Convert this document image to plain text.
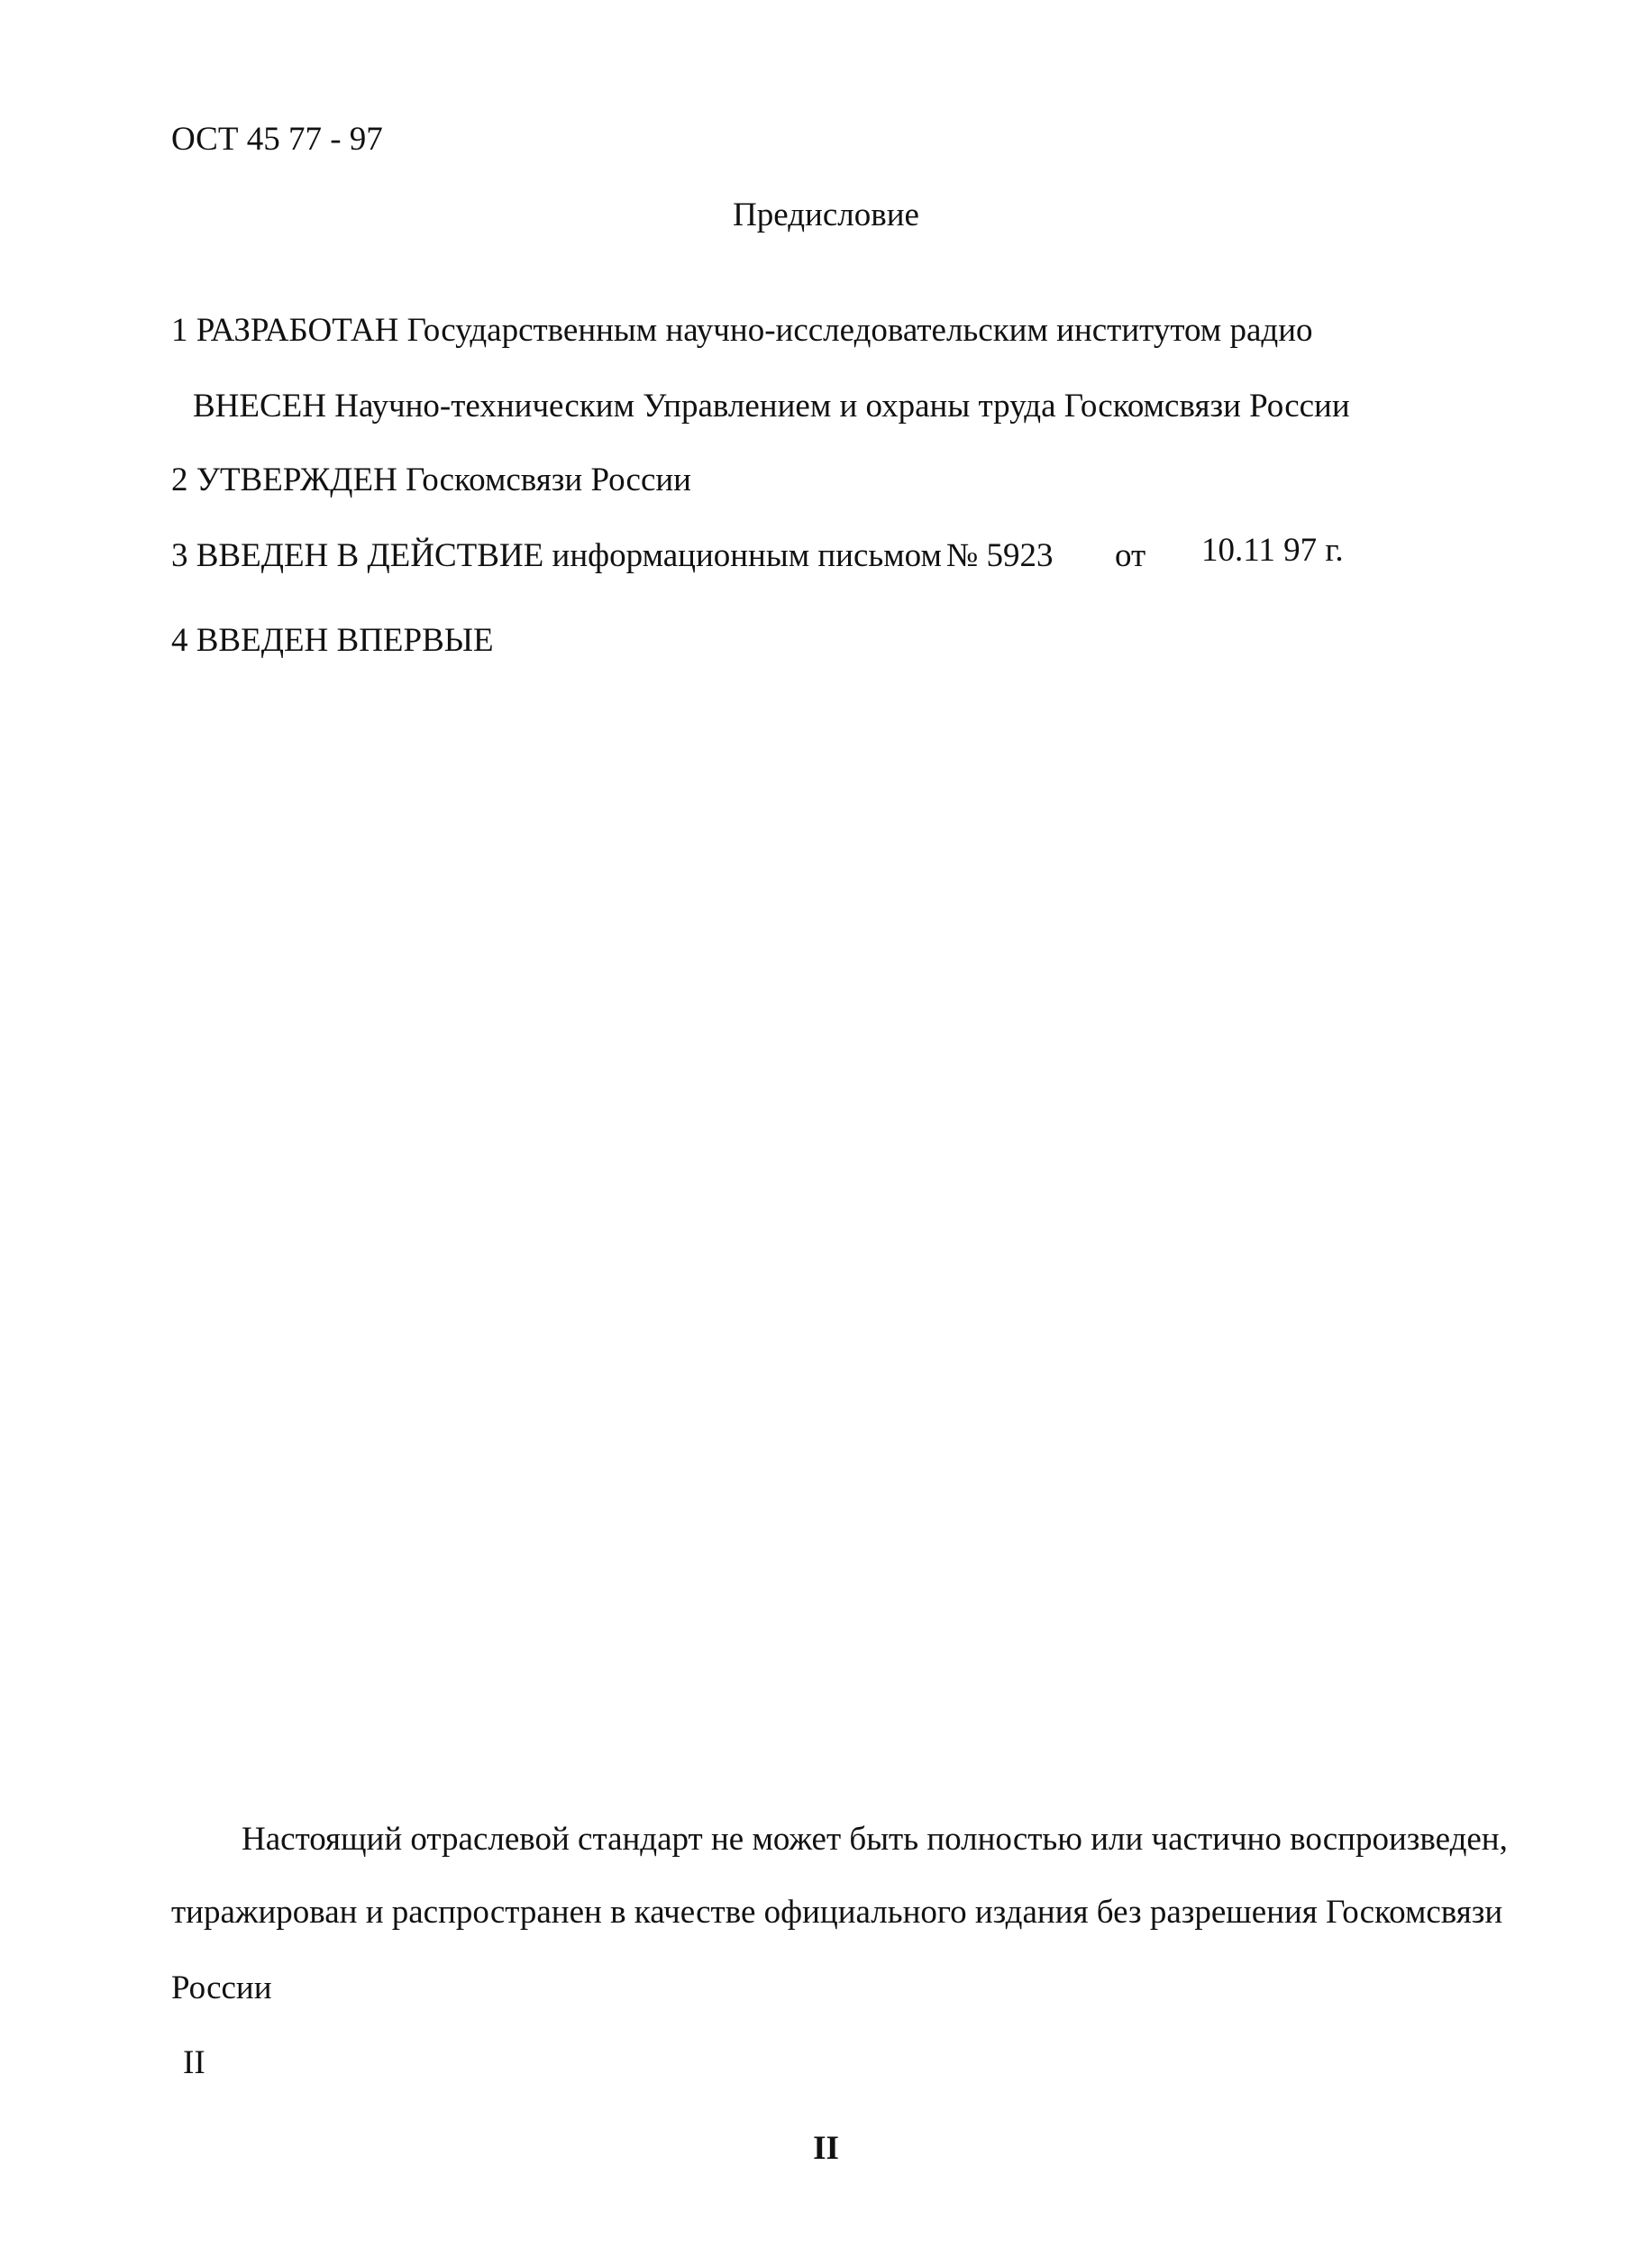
ОСТ 45 77 - 97
Предисловие
1 РАЗРАБОТАН Государственным научно-исследовательским институтом радио
ВНЕСЕН Научно-техническим Управлением и охраны труда Госкомсвязи России
2 УТВЕРЖДЕН Госкомсвязи России
3 ВВЕДЕН В ДЕЙСТВИЕ информационным письмом № 5923 от 10.11 97 г.
4 ВВЕДЕН ВПЕРВЫЕ
Настоящий отраслевой стандарт не может быть полностью или частично воспроизведен,
тиражирован и распространен в качестве официального издания без разрешения Госкомсвязи
России
II
II
